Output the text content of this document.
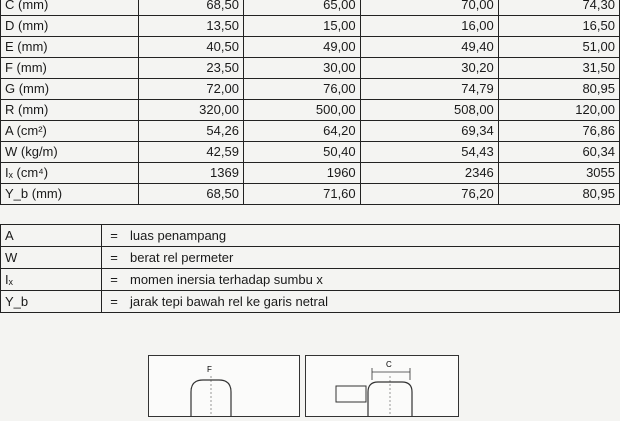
C (mm)	68,50	65,00	70,00	74,30
D (mm)	13,50	15,00	16,00	16,50
E (mm)	40,50	49,00	49,40	51,00
F (mm)	23,50	30,00	30,20	31,50
G (mm)	72,00	76,00	74,79	80,95
R (mm)	320,00	500,00	508,00	120,00
A (cm²)	54,26	64,20	69,34	76,86
W (kg/m)	42,59	50,40	54,43	60,34
Iₓ (cm⁴)	1369	1960	2346	3055
Y_b (mm)	68,50	71,60	76,20	80,95
A	=	luas penampang
W	=	berat rel permeter
Iₓ	=	momen inersia terhadap sumbu x
Y_b	=	jarak tepi bawah rel ke garis netral
F
C
